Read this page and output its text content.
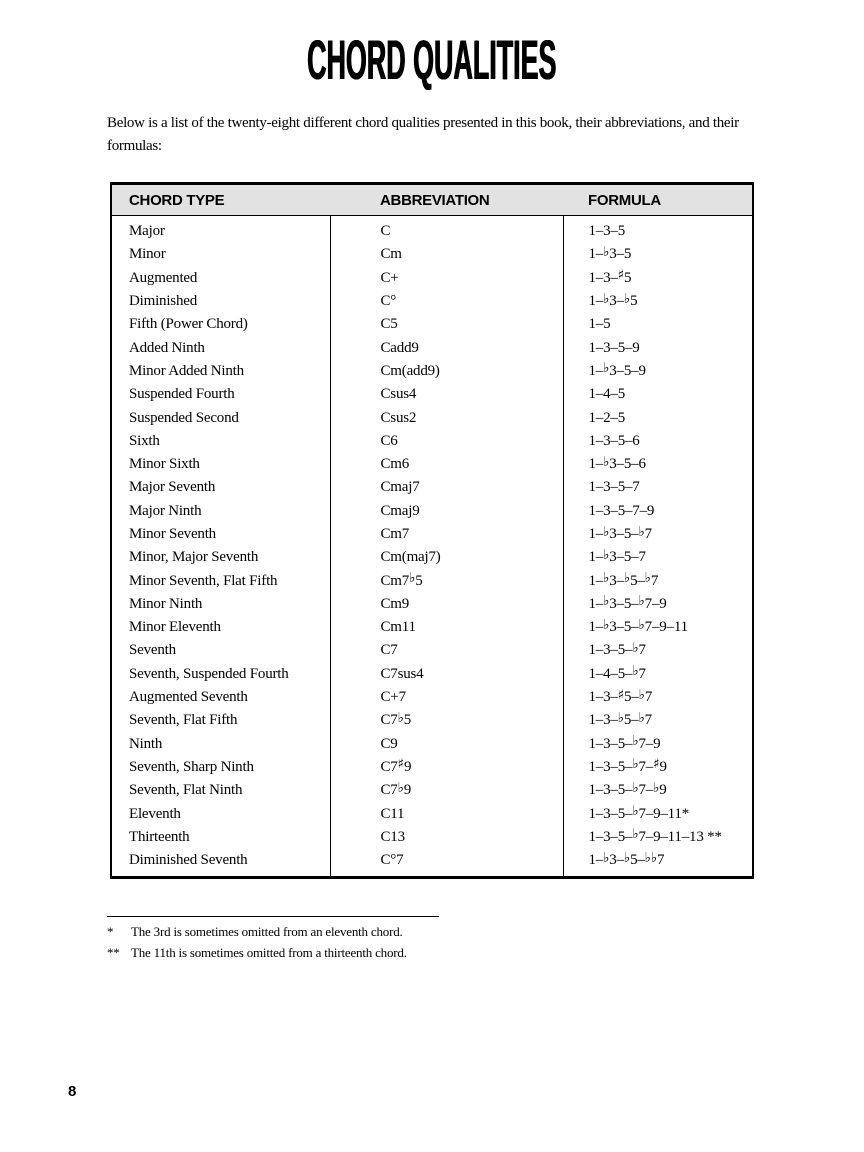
CHORD QUALITIES

Below is a list of the twenty-eight different chord qualities presented in this book, their abbreviations, and their formulas:

CHORD TYPE	ABBREVIATION	FORMULA
Major	C	1–3–5
Minor	Cm	1–♭3–5
Augmented	C+	1–3–♯5
Diminished	C°	1–♭3–♭5
Fifth (Power Chord)	C5	1–5
Added Ninth	Cadd9	1–3–5–9
Minor Added Ninth	Cm(add9)	1–♭3–5–9
Suspended Fourth	Csus4	1–4–5
Suspended Second	Csus2	1–2–5
Sixth	C6	1–3–5–6
Minor Sixth	Cm6	1–♭3–5–6
Major Seventh	Cmaj7	1–3–5–7
Major Ninth	Cmaj9	1–3–5–7–9
Minor Seventh	Cm7	1–♭3–5–♭7
Minor, Major Seventh	Cm(maj7)	1–♭3–5–7
Minor Seventh, Flat Fifth	Cm7♭5	1–♭3–♭5–♭7
Minor Ninth	Cm9	1–♭3–5–♭7–9
Minor Eleventh	Cm11	1–♭3–5–♭7–9–11
Seventh	C7	1–3–5–♭7
Seventh, Suspended Fourth	C7sus4	1–4–5–♭7
Augmented Seventh	C+7	1–3–♯5–♭7
Seventh, Flat Fifth	C7♭5	1–3–♭5–♭7
Ninth	C9	1–3–5–♭7–9
Seventh, Sharp Ninth	C7♯9	1–3–5–♭7–♯9
Seventh, Flat Ninth	C7♭9	1–3–5–♭7–♭9
Eleventh	C11	1–3–5–♭7–9–11*
Thirteenth	C13	1–3–5–♭7–9–11–13 **
Diminished Seventh	C°7	1–♭3–♭5–♭♭7
*	The 3rd is sometimes omitted from an eleventh chord.
** The 11th is sometimes omitted from a thirteenth chord.
8
